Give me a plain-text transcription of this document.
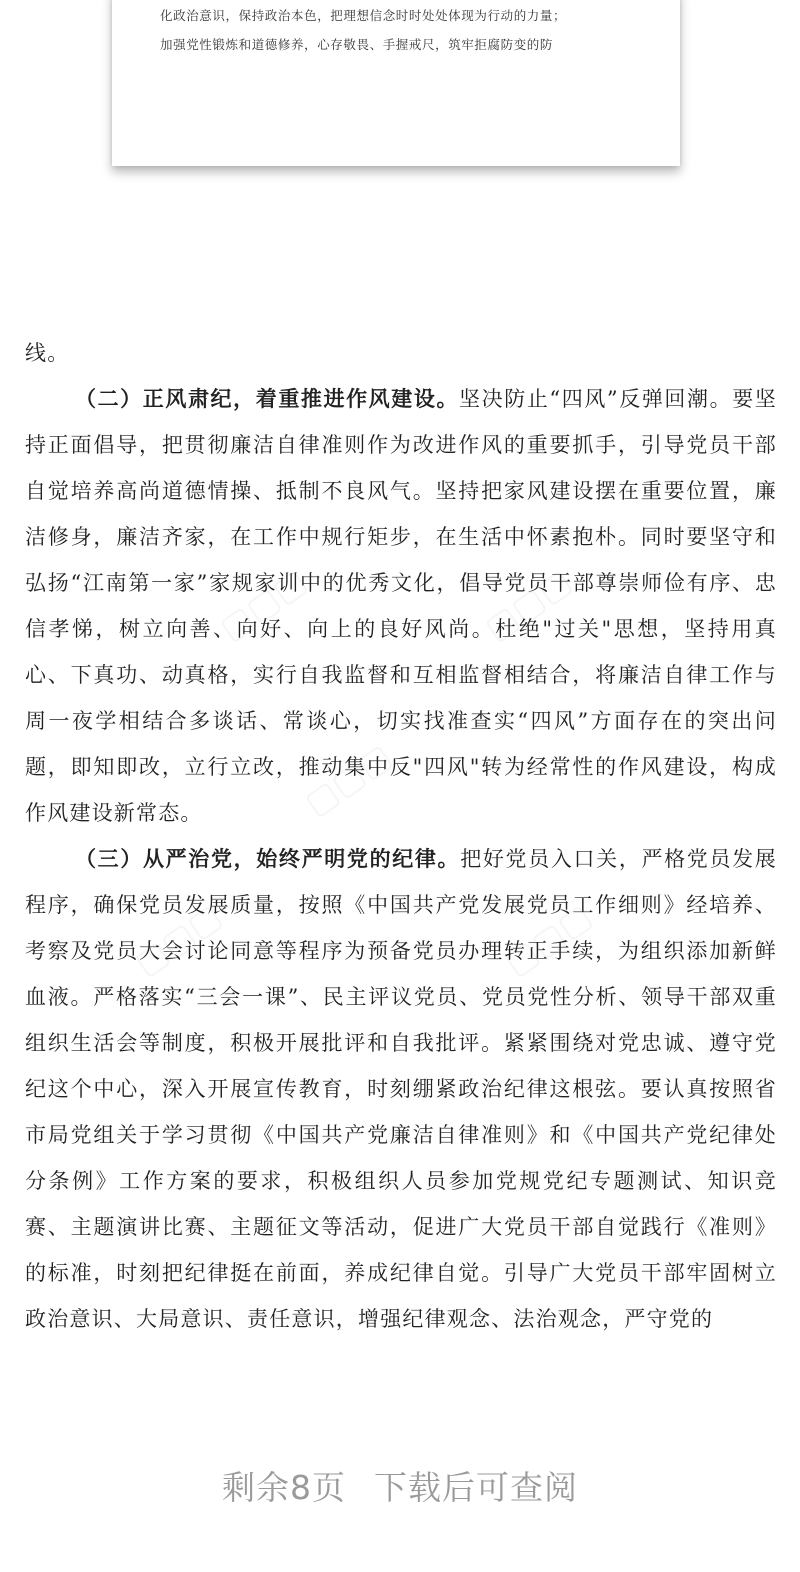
化政治意识，保持政治本色，把理想信念时时处处体现为行动的力量；
加强党性锻炼和道德修养，心存敬畏、手握戒尺，筑牢拒腐防变的防
▢▢▢	▢▢▢
▢▢▢
▢▢▢	▢▢▢

线。

（二）正风肃纪，着重推进作风建设。坚决防止“四风”反弹回潮。要坚持正面倡导，把贯彻廉洁自律准则作为改进作风的重要抓手，引导党员干部自觉培养高尚道德情操、抵制不良风气。坚持把家风建设摆在重要位置，廉洁修身，廉洁齐家，在工作中规行矩步，在生活中怀素抱朴。同时要坚守和弘扬“江南第一家”家规家训中的优秀文化，倡导党员干部尊崇师俭有序、忠信孝悌，树立向善、向好、向上的良好风尚。杜绝"过关"思想，坚持用真心、下真功、动真格，实行自我监督和互相监督相结合，将廉洁自律工作与周一夜学相结合多谈话、常谈心，切实找准查实“四风”方面存在的突出问题，即知即改，立行立改，推动集中反"四风"转为经常性的作风建设，构成作风建设新常态。

（三）从严治党，始终严明党的纪律。把好党员入口关，严格党员发展程序，确保党员发展质量，按照《中国共产党发展党员工作细则》经培养、考察及党员大会讨论同意等程序为预备党员办理转正手续，为组织添加新鲜血液。严格落实“三会一课”、民主评议党员、党员党性分析、领导干部双重组织生活会等制度，积极开展批评和自我批评。紧紧围绕对党忠诚、遵守党纪这个中心，深入开展宣传教育，时刻绷紧政治纪律这根弦。要认真按照省市局党组关于学习贯彻《中国共产党廉洁自律准则》和《中国共产党纪律处分条例》工作方案的要求，积极组织人员参加党规党纪专题测试、知识竞赛、主题演讲比赛、主题征文等活动，促进广大党员干部自觉践行《准则》的标准，时刻把纪律挺在前面，养成纪律自觉。引导广大党员干部牢固树立政治意识、大局意识、责任意识，增强纪律观念、法治观念，严守党的

剩余8页 下载后可查阅
